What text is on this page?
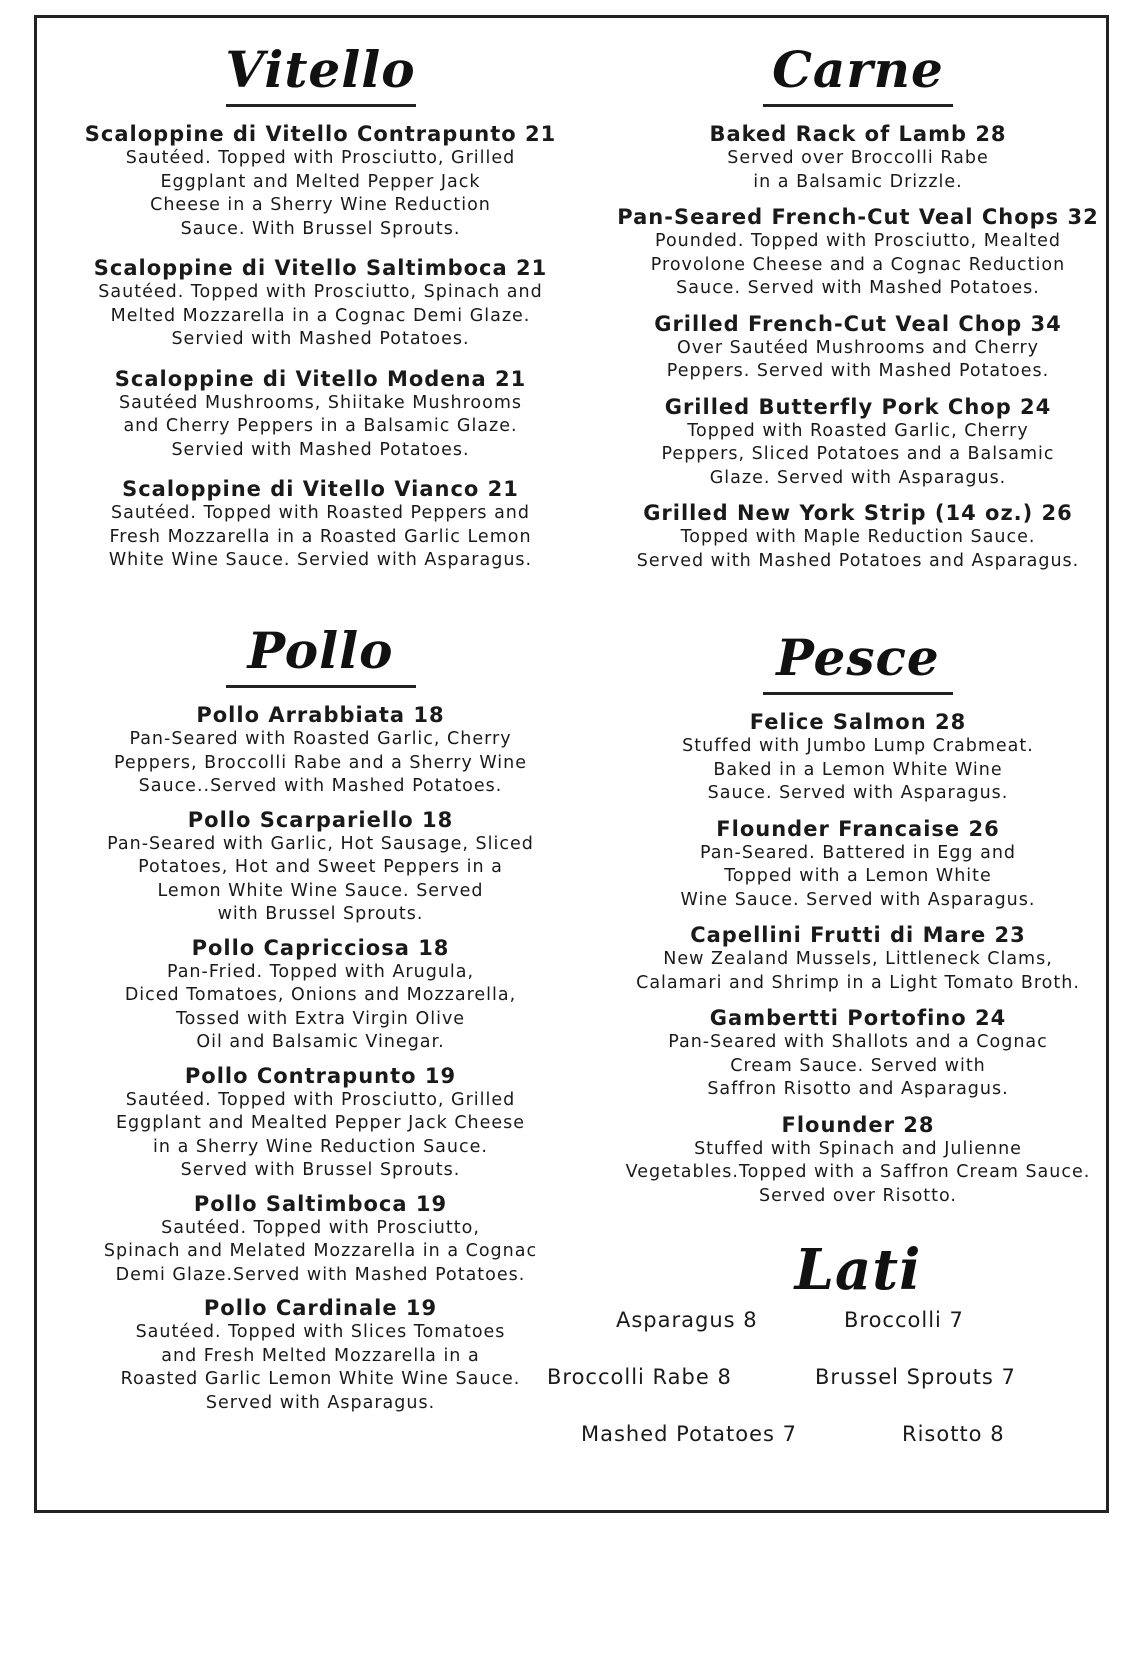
Vitello
Scaloppine di Vitello Contrapunto 21
Sautéed. Topped with Prosciutto, Grilled
Eggplant and Melted Pepper Jack
Cheese in a Sherry Wine Reduction
Sauce. With Brussel Sprouts.
Scaloppine di Vitello Saltimboca 21
Sautéed. Topped with Prosciutto, Spinach and
Melted Mozzarella in a Cognac Demi Glaze.
Servied with Mashed Potatoes.
Scaloppine di Vitello Modena 21
Sautéed Mushrooms, Shiitake Mushrooms
and Cherry Peppers in a Balsamic Glaze.
Servied with Mashed Potatoes.
Scaloppine di Vitello Vianco 21
Sautéed. Topped with Roasted Peppers and
Fresh Mozzarella in a Roasted Garlic Lemon
White Wine Sauce. Servied with Asparagus.
Carne
Baked Rack of Lamb 28
Served over Broccolli Rabe
in a Balsamic Drizzle.
Pan-Seared French-Cut Veal Chops 32
Pounded. Topped with Prosciutto, Mealted
Provolone Cheese and a Cognac Reduction
Sauce. Served with Mashed Potatoes.
Grilled French-Cut Veal Chop 34
Over Sautéed Mushrooms and Cherry
Peppers. Served with Mashed Potatoes.
Grilled Butterfly Pork Chop 24
Topped with Roasted Garlic, Cherry
Peppers, Sliced Potatoes and a Balsamic
Glaze. Served with Asparagus.
Grilled New York Strip (14 oz.) 26
Topped with Maple Reduction Sauce.
Served with Mashed Potatoes and Asparagus.
Pollo
Pollo Arrabbiata 18
Pan-Seared with Roasted Garlic, Cherry
Peppers, Broccolli Rabe and a Sherry Wine
Sauce..Served with Mashed Potatoes.
Pollo Scarpariello 18
Pan-Seared with Garlic, Hot Sausage, Sliced
Potatoes, Hot and Sweet Peppers in a
Lemon White Wine Sauce. Served
with Brussel Sprouts.
Pollo Capricciosa 18
Pan-Fried. Topped with Arugula,
Diced Tomatoes, Onions and Mozzarella,
Tossed with Extra Virgin Olive
Oil and Balsamic Vinegar.
Pollo Contrapunto 19
Sautéed. Topped with Prosciutto, Grilled
Eggplant and Mealted Pepper Jack Cheese
in a Sherry Wine Reduction Sauce.
Served with Brussel Sprouts.
Pollo Saltimboca 19
Sautéed. Topped with Prosciutto,
Spinach and Melated Mozzarella in a Cognac
Demi Glaze.Served with Mashed Potatoes.
Pollo Cardinale 19
Sautéed. Topped with Slices Tomatoes
and Fresh Melted Mozzarella in a
Roasted Garlic Lemon White Wine Sauce.
Served with Asparagus.
Pesce
Felice Salmon 28
Stuffed with Jumbo Lump Crabmeat.
Baked in a Lemon White Wine
Sauce. Served with Asparagus.
Flounder Francaise 26
Pan-Seared. Battered in Egg and
Topped with a Lemon White
Wine Sauce. Served with Asparagus.
Capellini Frutti di Mare 23
New Zealand Mussels, Littleneck Clams,
Calamari and Shrimp in a Light Tomato Broth.
Gambertti Portofino 24
Pan-Seared with Shallots and a Cognac
Cream Sauce. Served with
Saffron Risotto and Asparagus.
Flounder 28
Stuffed with Spinach and Julienne
Vegetables.Topped with a Saffron Cream Sauce.
Served over Risotto.
Lati
Asparagus 8	Broccolli 7
Broccolli Rabe 8	Brussel Sprouts 7
Mashed Potatoes 7	Risotto 8
